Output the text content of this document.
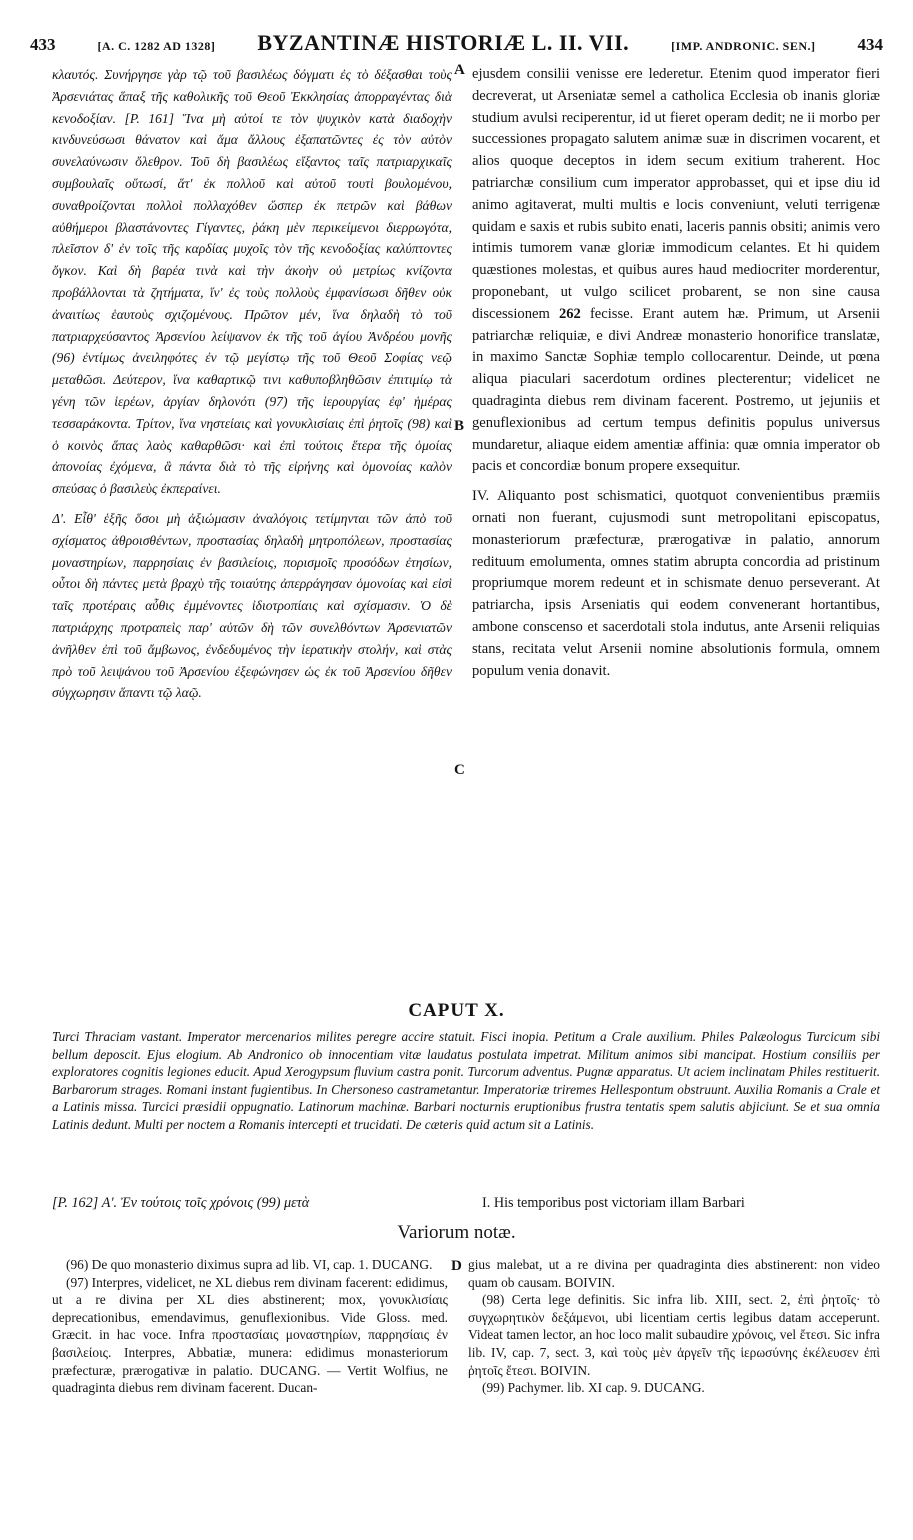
433	[A. C. 1282 AD 1328] BYZANTINÆ HISTORIÆ L. II. VII.	[IMP. ANDRONIC. SEN.] 434

κλαυτός. Συνήργησε γὰρ τῷ τοῦ βασιλέως δόγματι ἐς τὸ δέξασθαι τοὺς Ἀρσενιάτας ἅπαξ τῆς καθολικῆς τοῦ Θεοῦ Ἐκκλησίας ἀπορραγέντας διὰ κενοδοξίαν. [P. 161] Ἵνα μὴ αὐτοί τε τὸν ψυχικὸν κατὰ διαδοχὴν κινδυνεύσωσι θάνατον καὶ ἅμα ἄλλους ἐξαπατῶντες ἐς τὸν αὐτὸν συνελαύνωσιν ὄλεθρον. Τοῦ δὴ βασιλέως εἴξαντος ταῖς πατριαρχικαῖς συμβουλαῖς οὕτωσί, ἅτ' ἐκ πολλοῦ καὶ αὐτοῦ τουτὶ βουλομένου, συναθροίζονται πολλοὶ πολλαχόθεν ὥσπερ ἐκ πετρῶν καὶ βάθων αὐθήμεροι βλαστάνοντες Γίγαντες, ῥάκη μὲν περικείμενοι διερρωγότα, πλεῖστον δ' ἐν τοῖς τῆς καρδίας μυχοῖς τὸν τῆς κενοδοξίας καλύπτοντες ὄγκον. Καὶ δὴ βαρέα τινὰ καὶ τὴν ἀκοὴν οὐ μετρίως κνίζοντα προβάλλονται τὰ ζητήματα, ἵν' ἐς τοὺς πολλοὺς ἐμφανίσωσι δῆθεν οὐκ ἀναιτίως ἑαυτοὺς σχιζομένους. Πρῶτον μέν, ἵνα δηλαδὴ τὸ τοῦ πατριαρχεύσαντος Ἀρσενίου λείψανον ἐκ τῆς τοῦ ἁγίου Ἀνδρέου μονῆς (96) ἐντίμως ἀνειληφότες ἐν τῷ μεγίστῳ τῆς τοῦ Θεοῦ Σοφίας νεῷ μεταθῶσι. Δεύτερον, ἵνα καθαρτικῷ τινι καθυποβληθῶσιν ἐπιτιμίῳ τὰ γένη τῶν ἱερέων, ἀργίαν δηλονότι (97) τῆς ἱερουργίας ἐφ' ἡμέρας τεσσαράκοντα. Τρίτον, ἵνα νηστείαις καὶ γονυκλισίαις ἐπὶ ῥητοῖς (98) καὶ ὁ κοινὸς ἅπας λαὸς καθαρθῶσι· καὶ ἐπὶ τούτοις ἕτερα τῆς ὁμοίας ἀπονοίας ἐχόμενα, ἃ πάντα διὰ τὸ τῆς εἰρήνης καὶ ὁμονοίας καλὸν σπεύσας ὁ βασιλεὺς ἐκπεραίνει.

Δ'. Εἶθ' ἑξῆς ὅσοι μὴ ἀξιώμασιν ἀναλόγοις τετίμηνται τῶν ἀπὸ τοῦ σχίσματος ἀθροισθέντων, προστασίας δηλαδὴ μητροπόλεων, προστασίας μοναστηρίων, παρρησίαις ἐν βασιλείοις, πορισμοῖς προσόδων ἐτησίων, οὗτοι δὴ πάντες μετὰ βραχὺ τῆς τοιαύτης ἀπερράγησαν ὁμονοίας καὶ εἰσὶ ταῖς προτέραις αὖθις ἐμμένοντες ἰδιοτροπίαις καὶ σχίσμασιν. Ὁ δὲ πατριάρχης προτραπεὶς παρ' αὐτῶν δὴ τῶν συνελθόντων Ἀρσενιατῶν ἀνῆλθεν ἐπὶ τοῦ ἄμβωνος, ἐνδεδυμένος τὴν ἱερατικὴν στολήν, καὶ στὰς πρὸ τοῦ λειψάνου τοῦ Ἀρσενίου ἐξεφώνησεν ὡς ἐκ τοῦ Ἀρσενίου δῆθεν σύγχωρησιν ἅπαντι τῷ λαῷ.

ejusdem consilii venisse ere lederetur. Etenim quod imperator fieri decreverat, ut Arseniatæ semel a catholica Ecclesia ob inanis gloriæ studium avulsi reciperentur, id ut fieret operam dedit; ne ii morbo per successiones propagato salutem animæ suæ in discrimen vocarent, et alios quoque deceptos in idem secum exitium traherent. Hoc patriarchæ consilium cum imperator approbasset, qui et ipse diu id animo agitaverat, multi multis e locis conveniunt, veluti terrigenæ quidam e saxis et rubis subito enati, laceris pannis obsiti; animis vero intimis tumorem vanæ gloriæ immodicum celantes. Et hi quidem quæstiones molestas, et quibus aures haud mediocriter morderentur, proponebant, ut vulgo scilicet probarent, se non sine causa discessionem 262 fecisse. Erant autem hæ. Primum, ut Arsenii patriarchæ reliquiæ, e divi Andreæ monasterio honorifice translatæ, in maximo Sanctæ Sophiæ templo collocarentur. Deinde, ut pœna aliqua piaculari sacerdotum ordines plecterentur; videlicet ne quadraginta diebus rem divinam facerent. Postremo, ut jejuniis et genuflexionibus ad certum tempus definitis populus universus mundaretur, aliaque eidem amentiæ affinia: quæ omnia imperator ob pacis et concordiæ bonum propere exsequitur.

IV. Aliquanto post schismatici, quotquot convenientibus præmiis ornati non fuerant, cujusmodi sunt metropolitani episcopatus, monasteriorum præfecturæ, prærogativæ in palatio, annorum redituum emolumenta, omnes statim abrupta concordia ad pristinum propriumque morem redeunt et in schismate denuo perseverant. At patriarcha, ipsis Arseniatis qui eodem convenerant hortantibus, ambone conscenso et sacerdotali stola indutus, ante Arsenii reliquias stans, recitata velut Arsenii nomine absolutionis formula, omnem populum venia donavit.

A
B
C
CAPUT X.
Turci Thraciam vastant. Imperator mercenarios milites peregre accire statuit. Fisci inopia. Petitum a Crale auxilium. Philes Palæologus Turcicum sibi bellum deposcit. Ejus elogium. Ab Andronico ob innocentiam vitæ laudatus postulata impetrat. Militum animos sibi mancipat. Hostium consiliis per exploratores cognitis legiones educit. Apud Xerogypsum fluvium castra ponit. Turcorum adventus. Pugnæ apparatus. Ut aciem inclinatam Philes restituerit. Barbarorum strages. Romani instant fugientibus. In Chersoneso castrametantur. Imperatoriæ triremes Hellespontum obstruunt. Auxilia Romanis a Crale et a Latinis missa. Turcici præsidii oppugnatio. Latinorum machinæ. Barbari nocturnis eruptionibus frustra tentatis spem salutis abjiciunt. Se et sua omnia Latinis dedunt. Multi per noctem a Romanis intercepti et trucidati. De cæteris quid actum sit a Latinis.
[P. 162] Α'. Ἐν τούτοις τοῖς χρόνοις (99) μετὰ	I. His temporibus post victoriam illam Barbari
Variorum notæ.

(96) De quo monasterio diximus supra ad lib. VI, cap. 1. DUCANG.

(97) Interpres, videlicet, ne XL diebus rem divinam facerent: edidimus, ut a re divina per XL dies abstinerent; mox, γονυκλισίαις deprecationibus, emendavimus, genuflexionibus. Vide Gloss. med. Græcit. in hac voce. Infra προστασίαις μοναστηρίων, παρρησίαις ἐν βασιλείοις. Interpres, Abbatiæ, munera: edidimus monasteriorum præfecturæ, prærogativæ in palatio. DUCANG. — Vertit Wolfius, ne quadraginta diebus rem divinam facerent. Ducan-

D gius malebat, ut a re divina per quadraginta dies abstinerent: non video quam ob causam. BOIVIN.

(98) Certa lege definitis. Sic infra lib. XIII, sect. 2, ἐπὶ ῥητοῖς· τὸ συγχωρητικὸν δεξάμενοι, ubi licentiam certis legibus datam acceperunt. Videat tamen lector, an hoc loco malit subaudire χρόνοις, vel ἔτεσι. Sic infra lib. IV, cap. 7, sect. 3, καὶ τοὺς μὲν ἀργεῖν τῆς ἱερωσύνης ἐκέλευσεν ἐπὶ ῥητοῖς ἔτεσι. BOIVIN.

(99) Pachymer. lib. XI cap. 9. DUCANG.
